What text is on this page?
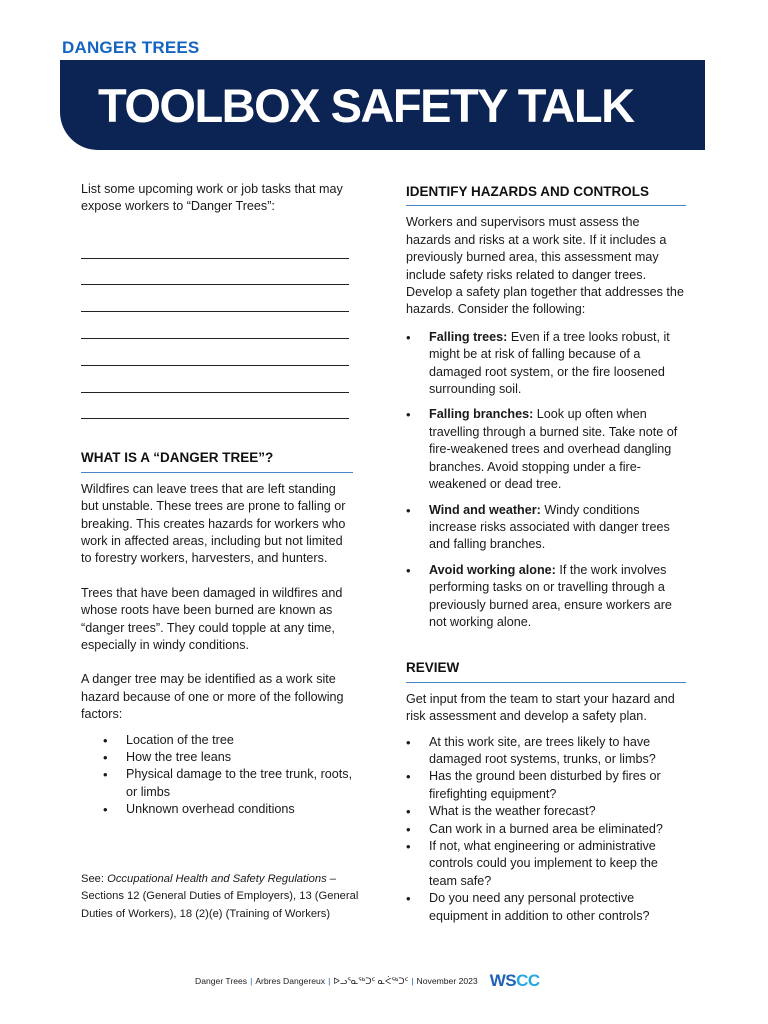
DANGER TREES
TOOLBOX SAFETY TALK

List some upcoming work or job tasks that may expose workers to “Danger Trees”:

WHAT IS A “DANGER TREE”?

Wildfires can leave trees that are left standing but unstable. These trees are prone to falling or breaking. This creates hazards for workers who work in affected areas, including but not limited to forestry workers, harvesters, and hunters.

Trees that have been damaged in wildfires and whose roots have been burned are known as “danger trees”. They could topple at any time, especially in windy conditions.

A danger tree may be identified as a work site hazard because of one or more of the following factors:

• Location of the tree
• How the tree leans
• Physical damage to the tree trunk, roots, or limbs
• Unknown overhead conditions

See: Occupational Health and Safety Regulations – Sections 12 (General Duties of Employers), 13 (General Duties of Workers), 18 (2)(e) (Training of Workers)

IDENTIFY HAZARDS AND CONTROLS

Workers and supervisors must assess the hazards and risks at a work site. If it includes a previously burned area, this assessment may include safety risks related to danger trees. Develop a safety plan together that addresses the hazards. Consider the following:

• Falling trees: Even if a tree looks robust, it might be at risk of falling because of a damaged root system, or the fire loosened surrounding soil.
• Falling branches: Look up often when travelling through a burned site. Take note of fire-weakened trees and overhead dangling branches. Avoid stopping under a fire-weakened or dead tree.
• Wind and weather: Windy conditions increase risks associated with danger trees and falling branches.
• Avoid working alone: If the work involves performing tasks on or travelling through a previously burned area, ensure workers are not working alone.
REVIEW

Get input from the team to start your hazard and risk assessment and develop a safety plan.

• At this work site, are trees likely to have damaged root systems, trunks, or limbs?
• Has the ground been disturbed by fires or firefighting equipment?
• What is the weather forecast?
• Can work in a burned area be eliminated?
• If not, what engineering or administrative controls could you implement to keep the team safe?
• Do you need any personal protective equipment in addition to other controls?
Danger Trees | Arbres Dangereux | ᐅᓗᕐᓇᖅᑐᑦ ᓇᐹᖅᑐᑦ | November 2023 WSCC
